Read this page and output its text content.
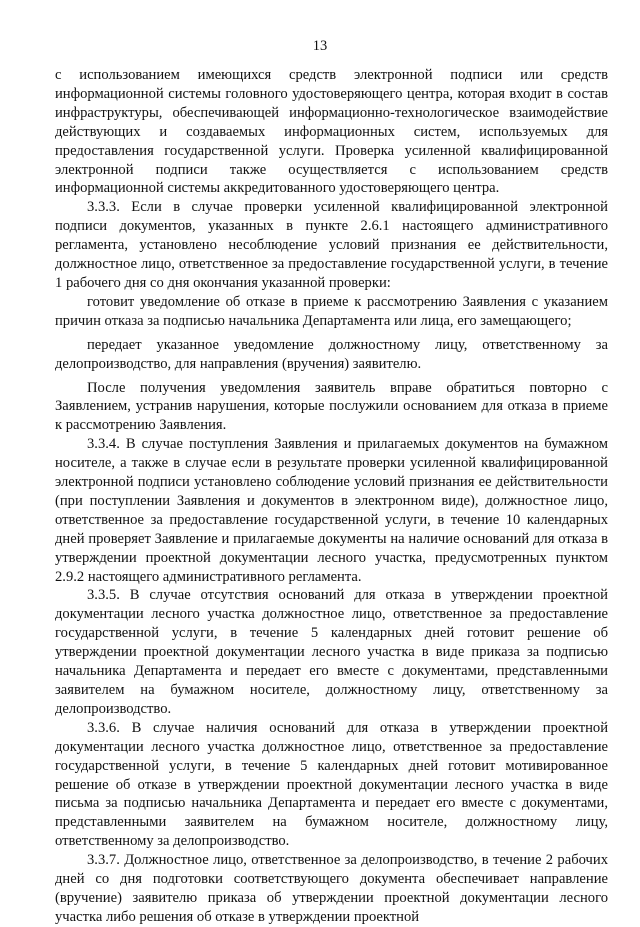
13

с использованием имеющихся средств электронной подписи или средств информационной системы головного удостоверяющего центра, которая входит в состав инфраструктуры, обеспечивающей информационно-технологическое взаимодействие действующих и создаваемых информационных систем, используемых для предоставления государственной услуги. Проверка усиленной квалифицированной электронной подписи также осуществляется с использованием средств информационной системы аккредитованного удостоверяющего центра.

3.3.3. Если в случае проверки усиленной квалифицированной электронной подписи документов, указанных в пункте 2.6.1 настоящего административного регламента, установлено несоблюдение условий признания ее действительности, должностное лицо, ответственное за предоставление государственной услуги, в течение 1 рабочего дня со дня окончания указанной проверки:

готовит уведомление об отказе в приеме к рассмотрению Заявления с указанием причин отказа за подписью начальника Департамента или лица, его замещающего;

передает указанное уведомление должностному лицу, ответственному за делопроизводство, для направления (вручения) заявителю.

После получения уведомления заявитель вправе обратиться повторно с Заявлением, устранив нарушения, которые послужили основанием для отказа в приеме к рассмотрению Заявления.

3.3.4. В случае поступления Заявления и прилагаемых документов на бумажном носителе, а также в случае если в результате проверки усиленной квалифицированной электронной подписи установлено соблюдение условий признания ее действительности (при поступлении Заявления и документов в электронном виде), должностное лицо, ответственное за предоставление государственной услуги, в течение 10 календарных дней проверяет Заявление и прилагаемые документы на наличие оснований для отказа в утверждении проектной документации лесного участка, предусмотренных пунктом 2.9.2 настоящего административного регламента.

3.3.5. В случае отсутствия оснований для отказа в утверждении проектной документации лесного участка должностное лицо, ответственное за предоставление государственной услуги, в течение 5 календарных дней готовит решение об утверждении проектной документации лесного участка в виде приказа за подписью начальника Департамента и передает его вместе с документами, представленными заявителем на бумажном носителе, должностному лицу, ответственному за делопроизводство.

3.3.6. В случае наличия оснований для отказа в утверждении проектной документации лесного участка должностное лицо, ответственное за предоставление государственной услуги, в течение 5 календарных дней готовит мотивированное решение об отказе в утверждении проектной документации лесного участка в виде письма за подписью начальника Департамента и передает его вместе с документами, представленными заявителем на бумажном носителе, должностному лицу, ответственному за делопроизводство.

3.3.7. Должностное лицо, ответственное за делопроизводство, в течение 2 рабочих дней со дня подготовки соответствующего документа обеспечивает направление (вручение) заявителю приказа об утверждении проектной документации лесного участка либо решения об отказе в утверждении проектной
